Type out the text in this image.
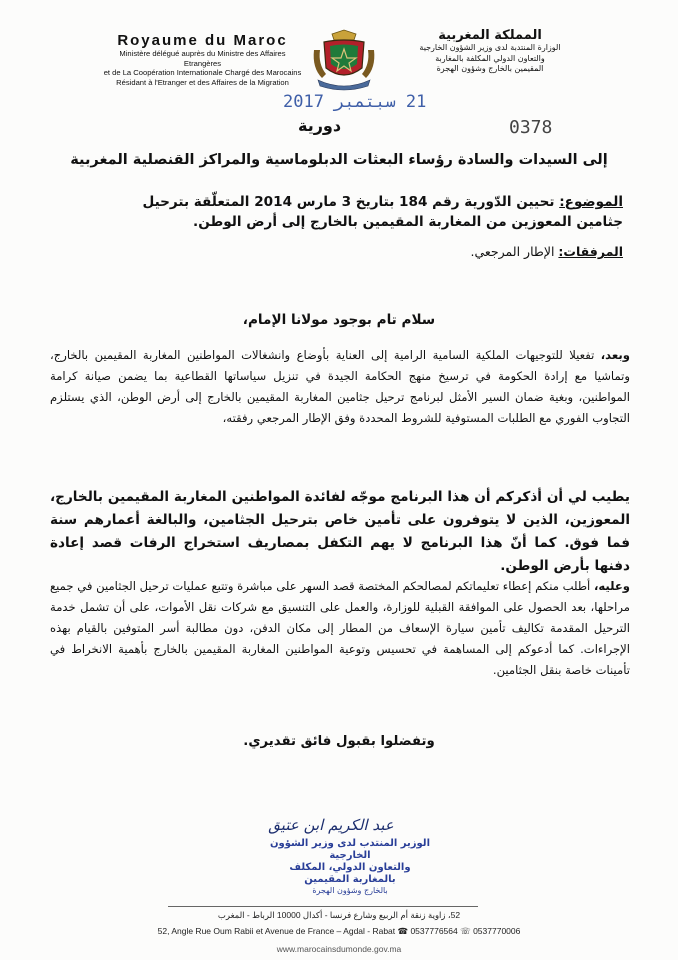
Royaume du Maroc
Ministère délégué auprès du Ministre des Affaires Etrangères
et de La Coopération Internationale Chargé des Marocains
Résidant à l'Etranger et des Affaires de la Migration
المملكة المغربية
الوزارة المنتدبة لدى وزير الشؤون الخارجية
والتعاون الدولي المكلفة بالمغاربة
المقيمين بالخارج وشؤون الهجرة
21 سبتمبر 2017
دورية	0378
إلى السيدات والسادة رؤساء البعثات الدبلوماسية والمراكز القنصلية المغربية
الموضوع: تحيين الدّورية رقم 184 بتاريخ 3 مارس 2014 المتعلّقة بترحيل جثامين المعوزين من المغاربة المقيمين بالخارج إلى أرض الوطن.
المرفقات: الإطار المرجعي.
سلام تام بوجود مولانا الإمام،
وبعد، تفعيلا للتوجيهات الملكية السامية الرامية إلى العناية بأوضاع وانشغالات المواطنين المغاربة المقيمين بالخارج، وتماشيا مع إرادة الحكومة في ترسيخ منهج الحكامة الجيدة في تنزيل سياساتها القطاعية بما يضمن صيانة كرامة المواطنين، وبغية ضمان السير الأمثل لبرنامج ترحيل جثامين المغاربة المقيمين بالخارج إلى أرض الوطن، الذي يستلزم التجاوب الفوري مع الطلبات المستوفية للشروط المحددة وفق الإطار المرجعي رفقته،
يطيب لي أن أذكركم أن هذا البرنامج موجّه لفائدة المواطنين المغاربة المقيمين بالخارج، المعوزين، الذين لا يتوفرون على تأمين خاص بترحيل الجثامين، والبالغة أعمارهم سنة فما فوق. كما أنّ هذا البرنامج لا يهم التكفل بمصاريف استخراج الرفات قصد إعادة دفنها بأرض الوطن.
وعليه، أطلب منكم إعطاء تعليماتكم لمصالحكم المختصة قصد السهر على مباشرة وتتبع عمليات ترحيل الجثامين في جميع مراحلها، بعد الحصول على الموافقة القبلية للوزارة، والعمل على التنسيق مع شركات نقل الأموات، على أن تشمل خدمة الترحيل المقدمة تكاليف تأمين سيارة الإسعاف من المطار إلى مكان الدفن، دون مطالبة أسر المتوفين بالقيام بهذه الإجراءات. كما أدعوكم إلى المساهمة في تحسيس وتوعية المواطنين المغاربة المقيمين بالخارج بأهمية الانخراط في تأمينات خاصة بنقل الجثامين.
وتفضلوا بقبول فائق تقديري.
عبد الكريم ابن عتيق
الوزير المنتدب لدى وزير الشؤون الخارجية
والتعاون الدولي، المكلف بالمغاربة المقيمين
بالخارج وشؤون الهجرة
52، زاوية زنقة أم الربيع وشارع فرنسا - أكدال 10000 الرباط - المغرب
52, Angle Rue Oum Rabii et Avenue de France – Agdal - Rabat ☎ 0537776564 ☏ 0537770006
www.marocainsdumonde.gov.ma
